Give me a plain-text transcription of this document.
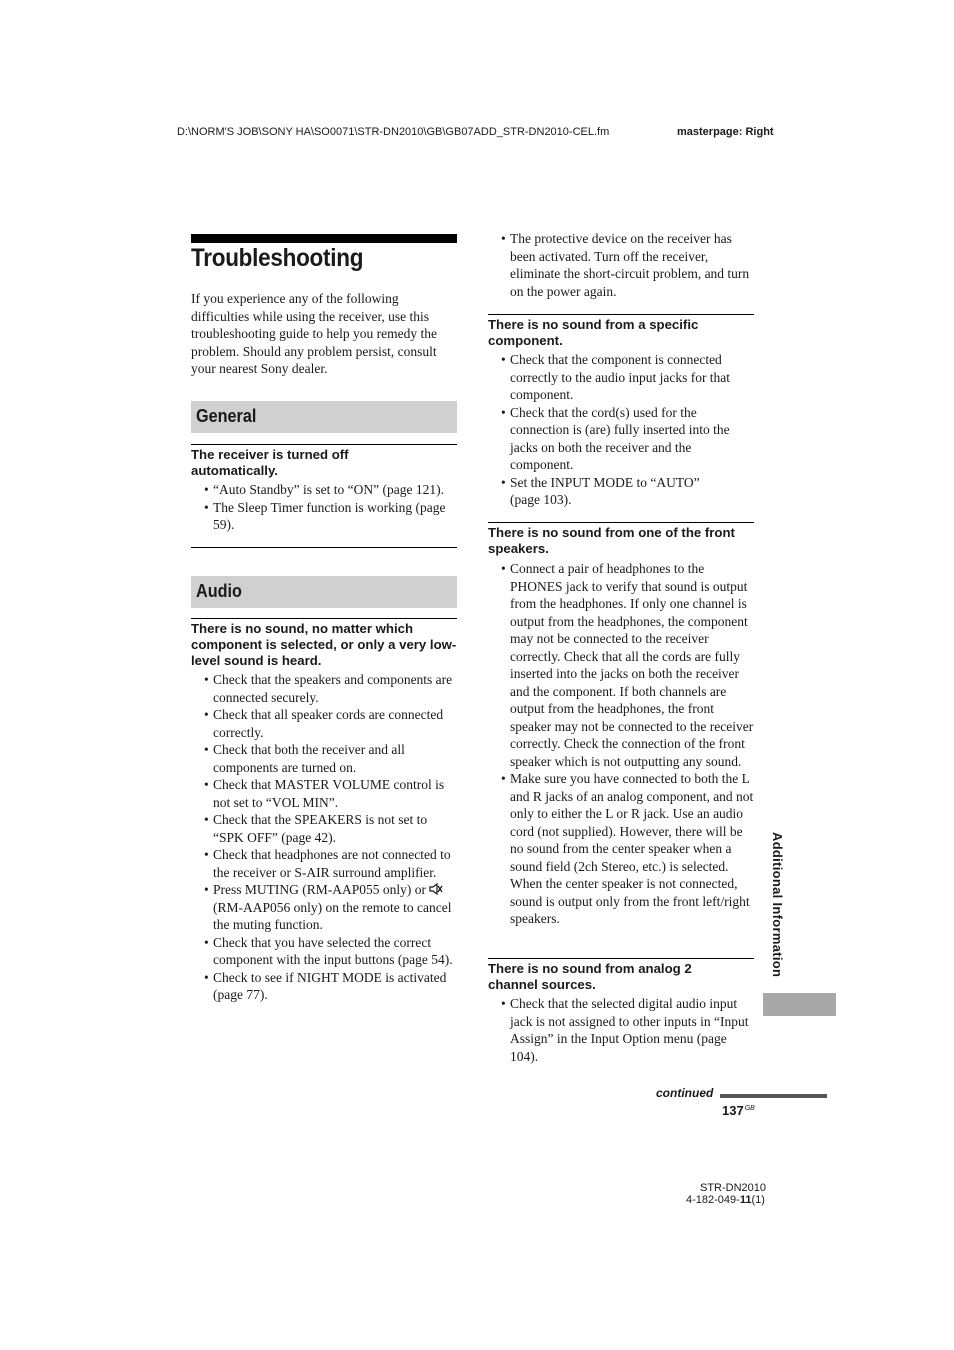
D:\NORM'S JOB\SONY HA\SO0071\STR-DN2010\GB\GB07ADD_STR-DN2010-CEL.fm	masterpage: Right
Troubleshooting
If you experience any of the following difficulties while using the receiver, use this troubleshooting guide to help you remedy the problem. Should any problem persist, consult your nearest Sony dealer.
General
The receiver is turned off automatically.
• “Auto Standby” is set to “ON” (page 121).
• The Sleep Timer function is working (page 59).
Audio
There is no sound, no matter which component is selected, or only a very low-level sound is heard.
• Check that the speakers and components are connected securely.
• Check that all speaker cords are connected correctly.
• Check that both the receiver and all components are turned on.
• Check that MASTER VOLUME control is not set to “VOL MIN”.
• Check that the SPEAKERS is not set to “SPK OFF” (page 42).
• Check that headphones are not connected to the receiver or S-AIR surround amplifier.
• Press MUTING (RM-AAP055 only) or  (RM-AAP056 only) on the remote to cancel the muting function.
• Check that you have selected the correct component with the input buttons (page 54).
• Check to see if NIGHT MODE is activated (page 77).
• The protective device on the receiver has been activated. Turn off the receiver, eliminate the short-circuit problem, and turn on the power again.
There is no sound from a specific component.
• Check that the component is connected correctly to the audio input jacks for that component.
• Check that the cord(s) used for the connection is (are) fully inserted into the jacks on both the receiver and the component.
• Set the INPUT MODE to “AUTO” (page 103).
There is no sound from one of the front speakers.
• Connect a pair of headphones to the PHONES jack to verify that sound is output from the headphones. If only one channel is output from the headphones, the component may not be connected to the receiver correctly. Check that all the cords are fully inserted into the jacks on both the receiver and the component. If both channels are output from the headphones, the front speaker may not be connected to the receiver correctly. Check the connection of the front speaker which is not outputting any sound.
• Make sure you have connected to both the L and R jacks of an analog component, and not only to either the L or R jack. Use an audio cord (not supplied). However, there will be no sound from the center speaker when a sound field (2ch Stereo, etc.) is selected. When the center speaker is not connected, sound is output only from the front left/right speakers.
There is no sound from analog 2 channel sources.
• Check that the selected digital audio input jack is not assigned to other inputs in “Input Assign” in the Input Option menu (page 104).
Additional Information
continued
$137^{GB}$
STR-DN2010
4-182-049-11(1)
